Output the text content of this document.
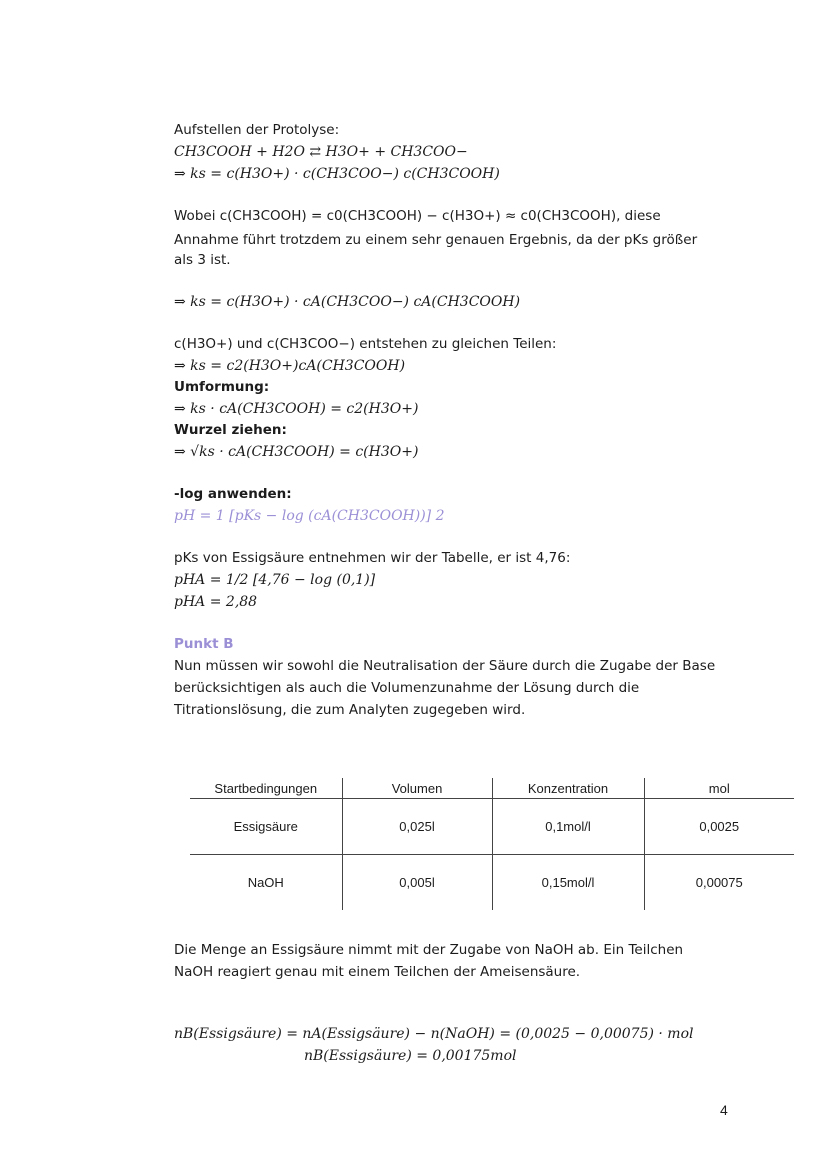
Aufstellen der Protolyse:
CH3COOH + H2O ⇄ H3O+ + CH3COO−
⇒ ks = c(H3O+) · c(CH3COO−) c(CH3COOH)
Wobei c(CH3COOH) = c0(CH3COOH) − c(H3O+) ≈ c0(CH3COOH), diese
Annahme führt trotzdem zu einem sehr genauen Ergebnis, da der pKs größer
als 3 ist.
⇒ ks = c(H3O+) · cA(CH3COO−) cA(CH3COOH)
c(H3O+) und c(CH3COO−) entstehen zu gleichen Teilen:
⇒ ks = c2(H3O+)cA(CH3COOH)
Umformung:
⇒ ks · cA(CH3COOH) = c2(H3O+)
Wurzel ziehen:
⇒ √ks · cA(CH3COOH) = c(H3O+)
-log anwenden:
pH = 1 [pKs − log (cA(CH3COOH))] 2
pKs von Essigsäure entnehmen wir der Tabelle, er ist 4,76:
pHA = 1/2 [4,76 − log (0,1)]
pHA = 2,88
Punkt B
Nun müssen wir sowohl die Neutralisation der Säure durch die Zugabe der Base
berücksichtigen als auch die Volumenzunahme der Lösung durch die
Titrationslösung, die zum Analyten zugegeben wird.
Startbedingungen	Volumen	Konzentration	mol
Essigsäure	0,025l	0,1mol/l	0,0025
NaOH	0,005l	0,15mol/l	0,00075
Die Menge an Essigsäure nimmt mit der Zugabe von NaOH ab. Ein Teilchen
NaOH reagiert genau mit einem Teilchen der Ameisensäure.
nB(Essigsäure) = nA(Essigsäure) − n(NaOH) = (0,0025 − 0,00075) · mol
nB(Essigsäure) = 0,00175mol
4
